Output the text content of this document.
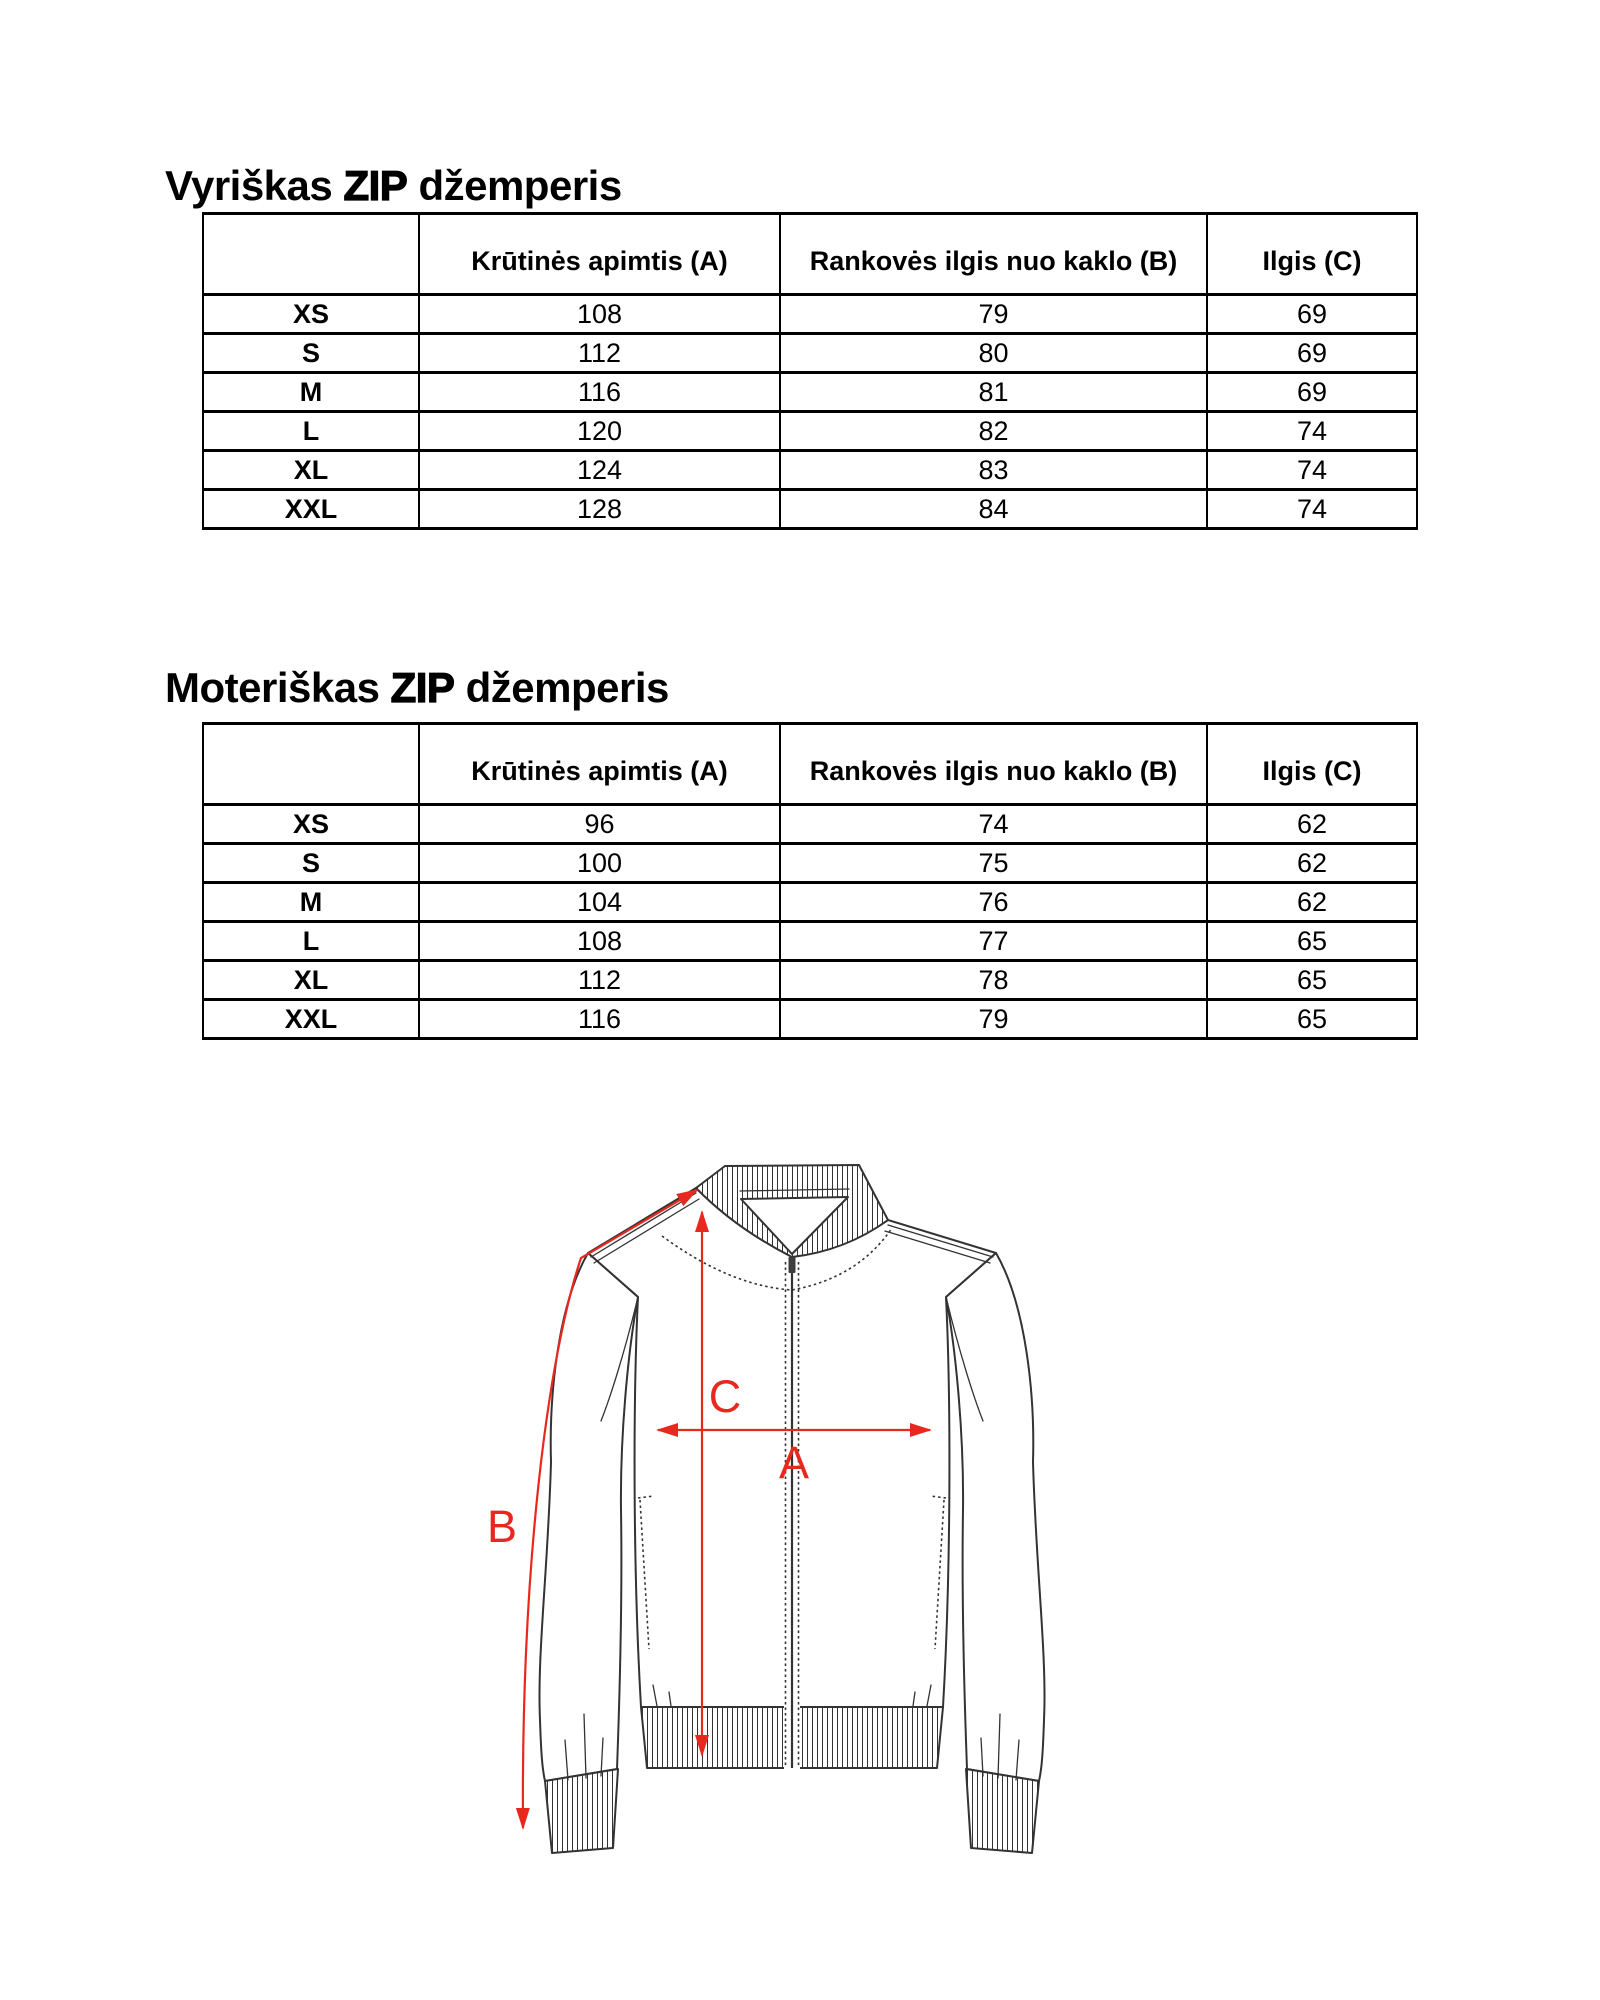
Vyriškas ZIP džemperis
	Krūtinės apimtis (A)	Rankovės ilgis nuo kaklo (B)	Ilgis (C)
XS	108	79	69
S	112	80	69
M	116	81	69
L	120	82	74
XL	124	83	74
XXL	128	84	74
Moteriškas ZIP džemperis
	Krūtinės apimtis (A)	Rankovės ilgis nuo kaklo (B)	Ilgis (C)
XS	96	74	62
S	100	75	62
M	104	76	62
L	108	77	65
XL	112	78	65
XXL	116	79	65
A
B
C
